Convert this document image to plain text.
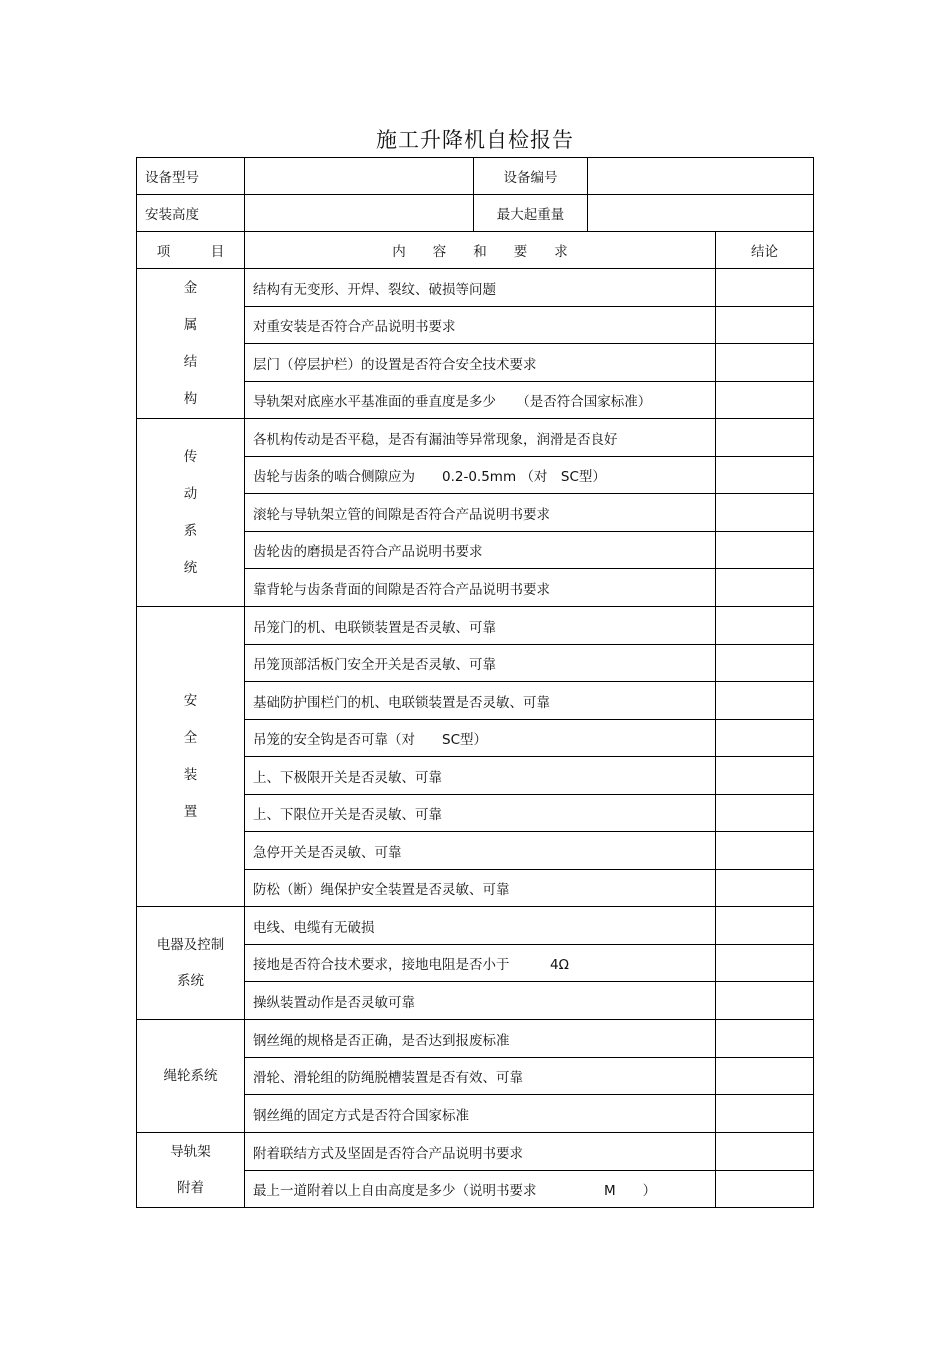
施工升降机自检报告
设备型号		设备编号		
安装高度		最大起重量		
项 目	内 容 和 要 求			结论

金
属
结
构	结构有无变形、开焊、裂纹、破损等问题			
	对重安装是否符合产品说明书要求			
	层门（停层护栏）的设置是否符合安全技术要求			
	导轨架对底座水平基准面的垂直度是多少　　（是否符合国家标准）			

传
动
系
统	各机构传动是否平稳，是否有漏油等异常现象，润滑是否良好			
	齿轮与齿条的啮合侧隙应为　　0.2-0.5mm （对　SC型）			
	滚轮与导轨架立管的间隙是否符合产品说明书要求			
	齿轮齿的磨损是否符合产品说明书要求			
	靠背轮与齿条背面的间隙是否符合产品说明书要求			

安
全
装
置	吊笼门的机、电联锁装置是否灵敏、可靠			
	吊笼顶部活板门安全开关是否灵敏、可靠			
	基础防护围栏门的机、电联锁装置是否灵敏、可靠			
	吊笼的安全钩是否可靠（对　　SC型）			
	上、下极限开关是否灵敏、可靠			
	上、下限位开关是否灵敏、可靠			
	急停开关是否灵敏、可靠			
	防松（断）绳保护安全装置是否灵敏、可靠			

电器及控制
系统	电线、电缆有无破损			
	接地是否符合技术要求，接地电阻是否小于　　　4Ω			
	操纵装置动作是否灵敏可靠			

绳轮系统	钢丝绳的规格是否正确，是否达到报废标准			
	滑轮、滑轮组的防绳脱槽装置是否有效、可靠			
	钢丝绳的固定方式是否符合国家标准			

导轨架
附着	附着联结方式及坚固是否符合产品说明书要求			
	最上一道附着以上自由高度是多少（说明书要求　　　　　M　　）			
